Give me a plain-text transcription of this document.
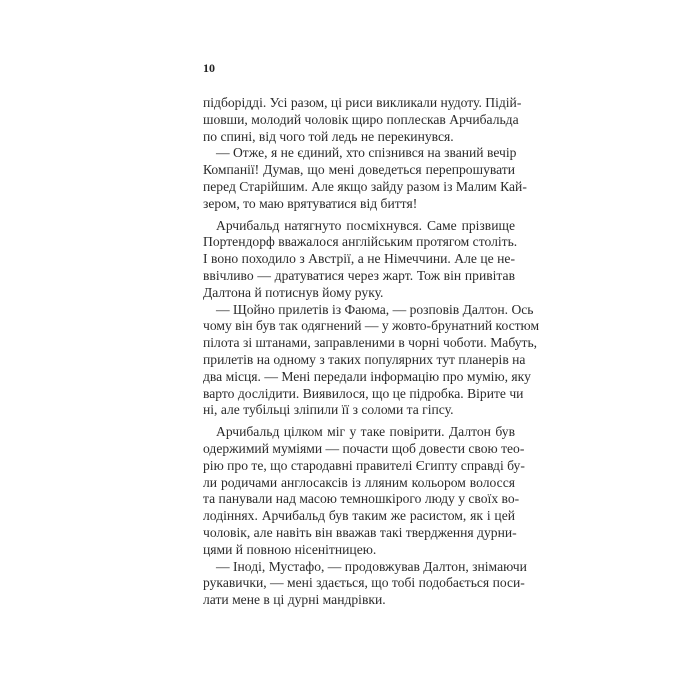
10
підборідді. Усі разом, ці риси викликали нудоту. Підій-
шовши, молодий чоловік щиро поплескав Арчибальда
по спині, від чого той ледь не перекинувся.
— Отже, я не єдиний, хто спізнився на званий вечір
Компанії! Думав, що мені доведеться перепрошувати
перед Старійшим. Але якщо зайду разом із Малим Кай-
зером, то маю врятуватися від биття!
Арчибальд натягнуто посміхнувся. Саме прізвище
Портендорф вважалося англійським протягом століть.
І воно походило з Австрії, а не Німеччини. Але це не-
ввічливо — дратуватися через жарт. Тож він привітав
Далтона й потиснув йому руку.
— Щойно прилетів із Фаюма, — розповів Далтон. Ось
чому він був так одягнений — у жовто-брунатний костюм
пілота зі штанами, заправленими в чорні чоботи. Мабуть,
прилетів на одному з таких популярних тут планерів на
два місця. — Мені передали інформацію про мумію, яку
варто дослідити. Виявилося, що це підробка. Вірите чи
ні, але тубільці зліпили її з соломи та гіпсу.
Арчибальд цілком міг у таке повірити. Далтон був
одержимий муміями — почасти щоб довести свою тео-
рію про те, що стародавні правителі Єгипту справді бу-
ли родичами англосаксів із лляним кольором волосся
та панували над масою темношкірого люду у своїх во-
лодіннях. Арчибальд був таким же расистом, як і цей
чоловік, але навіть він вважав такі твердження дурни-
цями й повною нісенітницею.
— Іноді, Мустафо, — продовжував Далтон, знімаючи
рукавички, — мені здається, що тобі подобається поси-
лати мене в ці дурні мандрівки.
